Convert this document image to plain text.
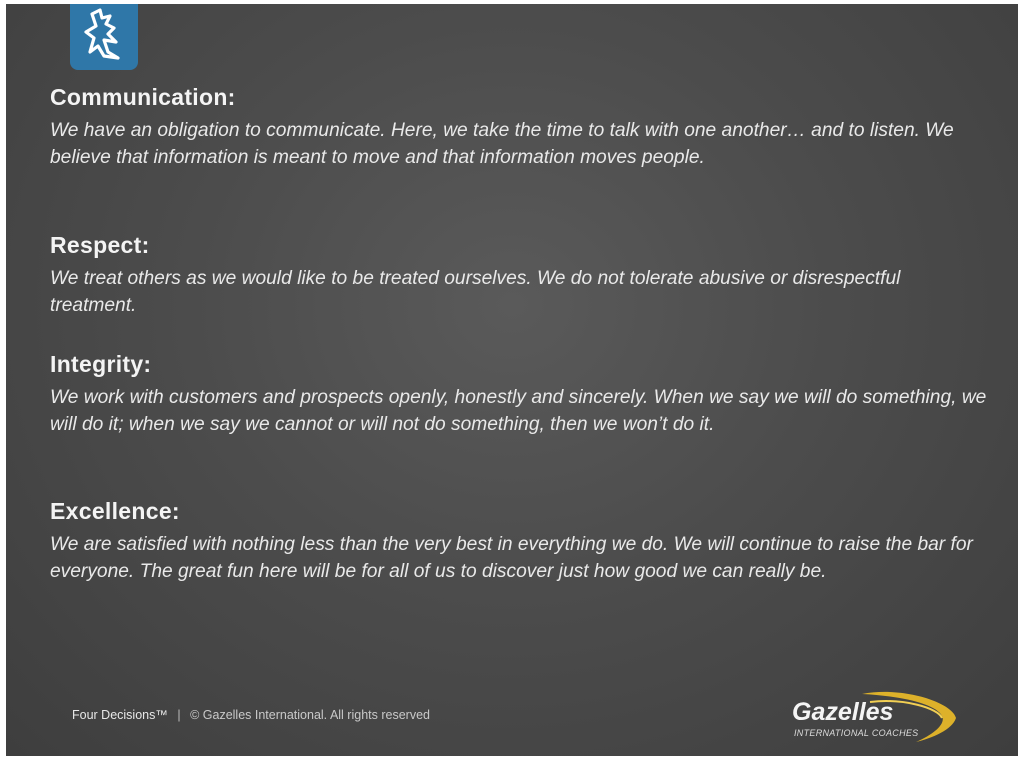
Communication:

We have an obligation to communicate. Here, we take the time to talk with one another… and to listen. We believe that information is meant to move and that information moves people.

Respect:

We treat others as we would like to be treated ourselves. We do not tolerate abusive or disrespectful treatment.

Integrity:

We work with customers and prospects openly, honestly and sincerely. When we say we will do something, we will do it; when we say we cannot or will not do something, then we won’t do it.

Excellence:

We are satisfied with nothing less than the very best in everything we do. We will continue to raise the bar for everyone. The great fun here will be for all of us to discover just how good we can really be.

Four Decisions™ | © Gazelles International. All rights reserved	Gazelles
INTERNATIONAL COACHES
